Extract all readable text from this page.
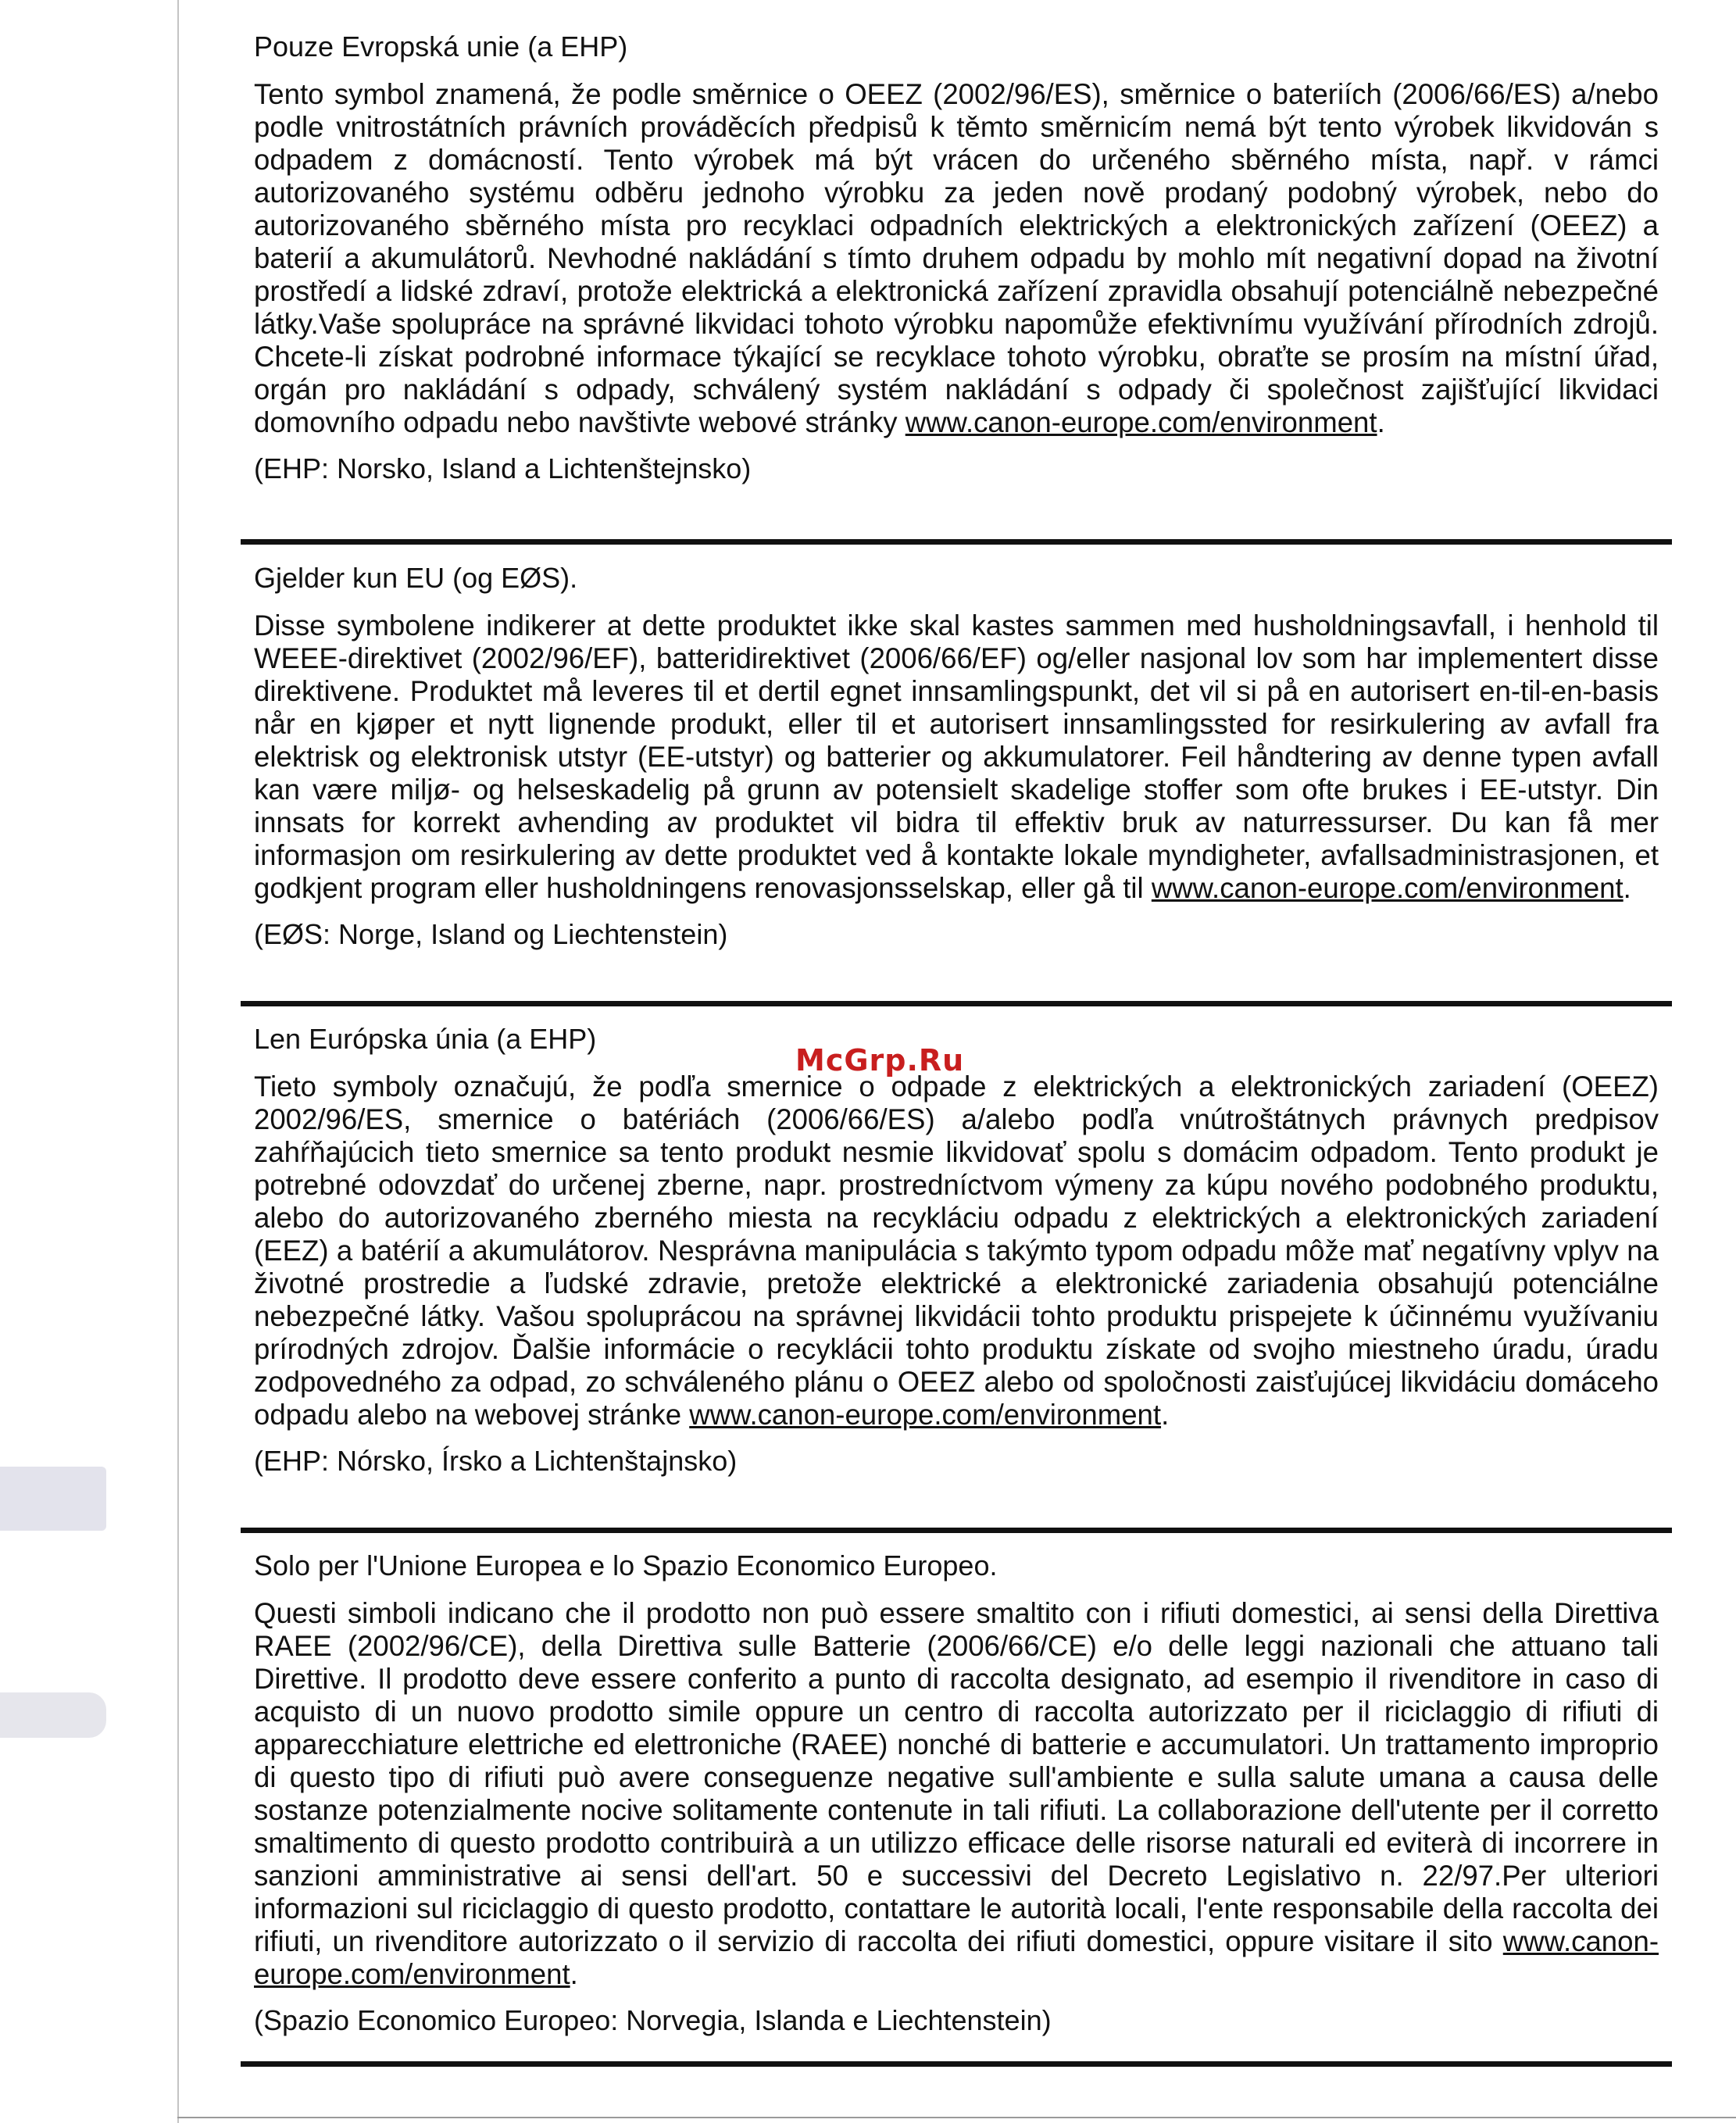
Pouze Evropská unie (a EHP)

Tento symbol znamená, že podle směrnice o OEEZ (2002/96/ES), směrnice o bateriích (2006/66/ES) a/nebo podle vnitrostátních právních prováděcích předpisů k těmto směrnicím nemá být tento výrobek likvidován s odpadem z domácností. Tento výrobek má být vrácen do určeného sběrného místa, např. v rámci autorizovaného systému odběru jednoho výrobku za jeden nově prodaný podobný výrobek, nebo do autorizovaného sběrného místa pro recyklaci odpadních elektrických a elektronických zařízení (OEEZ) a baterií a akumulátorů. Nevhodné nakládání s tímto druhem odpadu by mohlo mít negativní dopad na životní prostředí a lidské zdraví, protože elektrická a elektronická zařízení zpravidla obsahují potenciálně nebezpečné látky.Vaše spolupráce na správné likvidaci tohoto výrobku napomůže efektivnímu využívání přírodních zdrojů. Chcete-li získat podrobné informace týkající se recyklace tohoto výrobku, obraťte se prosím na místní úřad, orgán pro nakládání s odpady, schválený systém nakládání s odpady či společnost zajišťující likvidaci domovního odpadu nebo navštivte webové stránky www.canon-europe.com/environment.

(EHP: Norsko, Island a Lichtenštejnsko)

Gjelder kun EU (og EØS).

Disse symbolene indikerer at dette produktet ikke skal kastes sammen med husholdningsavfall, i henhold til WEEE-direktivet (2002/96/EF), batteridirektivet (2006/66/EF) og/eller nasjonal lov som har implementert disse direktivene. Produktet må leveres til et dertil egnet innsamlingspunkt, det vil si på en autorisert en-til-en-basis når en kjøper et nytt lignende produkt, eller til et autorisert innsamlingssted for resirkulering av avfall fra elektrisk og elektronisk utstyr (EE-utstyr) og batterier og akkumulatorer. Feil håndtering av denne typen avfall kan være miljø- og helseskadelig på grunn av potensielt skadelige stoffer som ofte brukes i EE-utstyr. Din innsats for korrekt avhending av produktet vil bidra til effektiv bruk av naturressurser. Du kan få mer informasjon om resirkulering av dette produktet ved å kontakte lokale myndigheter, avfallsadministrasjonen, et godkjent program eller husholdningens renovasjonsselskap, eller gå til www.canon-europe.com/environment.

(EØS: Norge, Island og Liechtenstein)

Len Európska únia (a EHP)

Tieto symboly označujú, že podľa smernice o odpade z elektrických a elektronických zariadení (OEEZ) 2002/96/ES, smernice o batériách (2006/66/ES) a/alebo podľa vnútroštátnych právnych predpisov zahŕňajúcich tieto smernice sa tento produkt nesmie likvidovať spolu s domácim odpadom. Tento produkt je potrebné odovzdať do určenej zberne, napr. prostredníctvom výmeny za kúpu nového podobného produktu, alebo do autorizovaného zberného miesta na recykláciu odpadu z elektrických a elektronických zariadení (EEZ) a batérií a akumulátorov. Nesprávna manipulácia s takýmto typom odpadu môže mať negatívny vplyv na životné prostredie a ľudské zdravie, pretože elektrické a elektronické zariadenia obsahujú potenciálne nebezpečné látky. Vašou spoluprácou na správnej likvidácii tohto produktu prispejete k účinnému využívaniu prírodných zdrojov. Ďalšie informácie o recyklácii tohto produktu získate od svojho miestneho úradu, úradu zodpovedného za odpad, zo schváleného plánu o OEEZ alebo od spoločnosti zaisťujúcej likvidáciu domáceho odpadu alebo na webovej stránke www.canon-europe.com/environment.

(EHP: Nórsko, Írsko a Lichtenštajnsko)

Solo per l'Unione Europea e lo Spazio Economico Europeo.

Questi simboli indicano che il prodotto non può essere smaltito con i rifiuti domestici, ai sensi della Direttiva RAEE (2002/96/CE), della Direttiva sulle Batterie (2006/66/CE) e/o delle leggi nazionali che attuano tali Direttive. Il prodotto deve essere conferito a punto di raccolta designato, ad esempio il rivenditore in caso di acquisto di un nuovo prodotto simile oppure un centro di raccolta autorizzato per il riciclaggio di rifiuti di apparecchiature elettriche ed elettroniche (RAEE) nonché di batterie e accumulatori. Un trattamento improprio di questo tipo di rifiuti può avere conseguenze negative sull'ambiente e sulla salute umana a causa delle sostanze potenzialmente nocive solitamente contenute in tali rifiuti. La collaborazione dell'utente per il corretto smaltimento di questo prodotto contribuirà a un utilizzo efficace delle risorse naturali ed eviterà di incorrere in sanzioni amministrative ai sensi dell'art. 50 e successivi del Decreto Legislativo n. 22/97.Per ulteriori informazioni sul riciclaggio di questo prodotto, contattare le autorità locali, l'ente responsabile della raccolta dei rifiuti, un rivenditore autorizzato o il servizio di raccolta dei rifiuti domestici, oppure visitare il sito www.canon-europe.com/environment.

(Spazio Economico Europeo: Norvegia, Islanda e Liechtenstein)

McGrp.Ru
